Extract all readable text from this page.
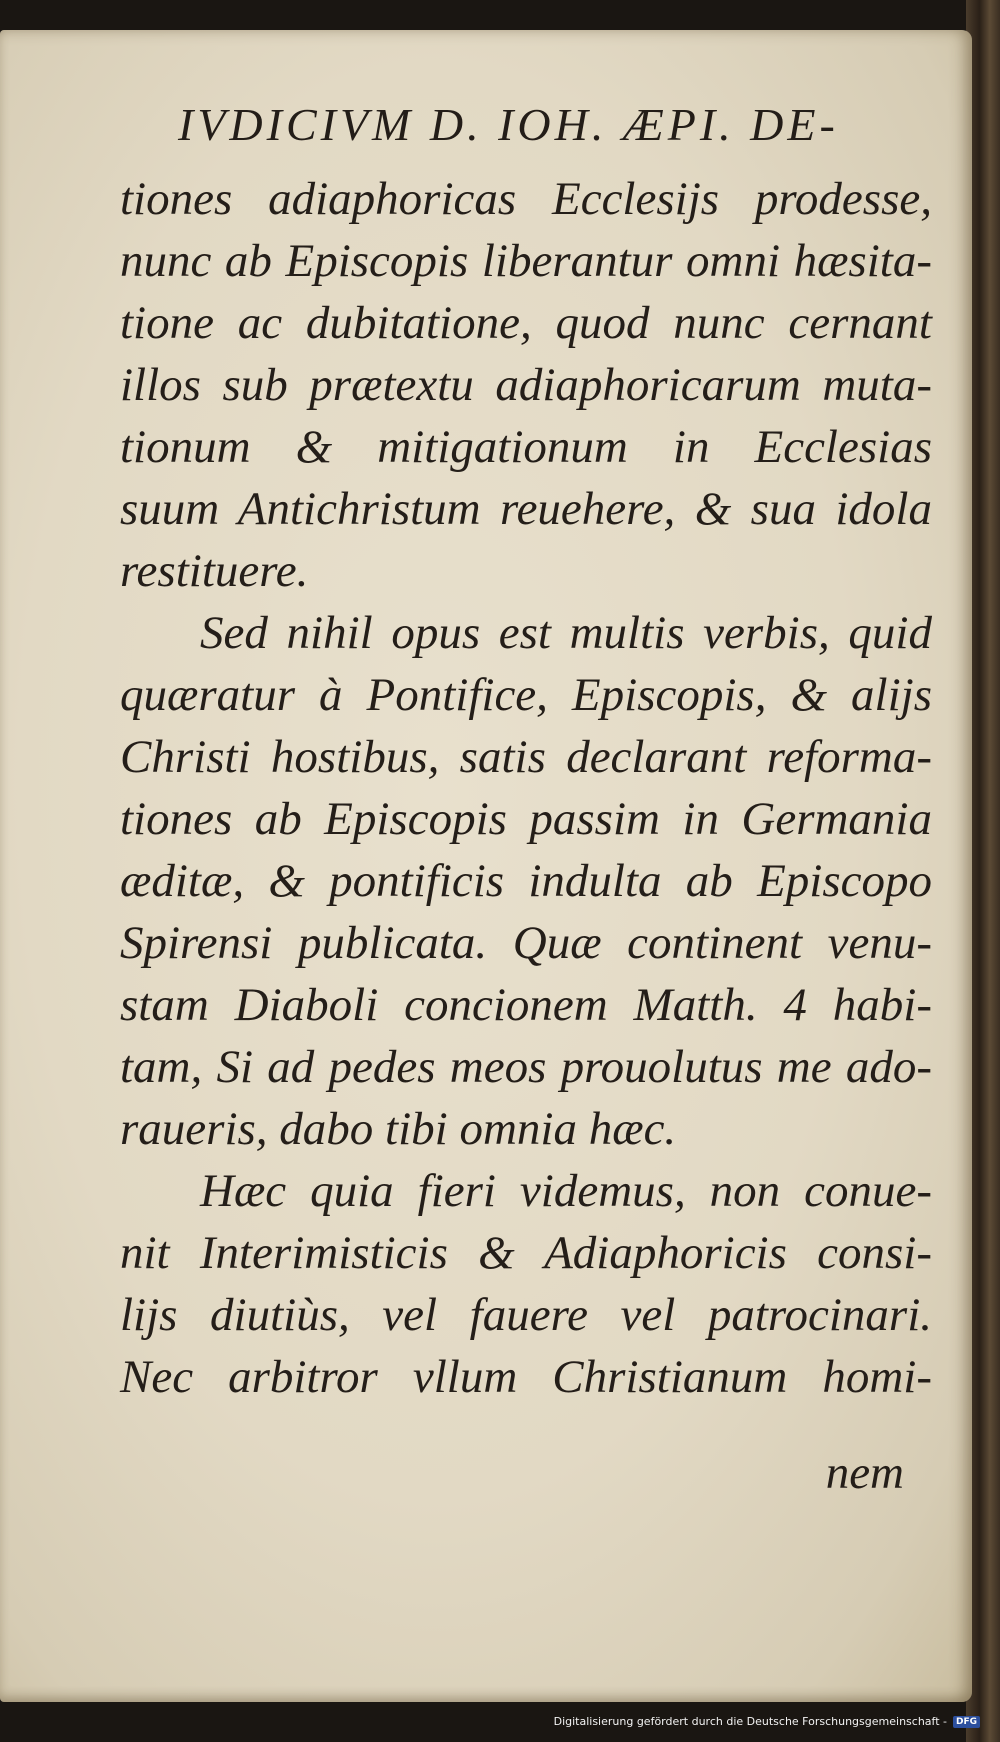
IVDICIVM D. IOH. ÆPI. DE-
tiones adiaphoricas Ecclesijs prodesse,
nunc ab Episcopis liberantur omni hæsita-
tione ac dubitatione, quod nunc cernant
illos sub prætextu adiaphoricarum muta-
tionum & mitigationum in Ecclesias
suum Antichristum reuehere, & sua idola
restituere.
Sed nihil opus est multis verbis, quid
quæratur à Pontifice, Episcopis, & alijs
Christi hostibus, satis declarant reforma-
tiones ab Episcopis passim in Germania
æditæ, & pontificis indulta ab Episcopo
Spirensi publicata. Quæ continent venu-
stam Diaboli concionem Matth. 4 habi-
tam, Si ad pedes meos prouolutus me ado-
raueris, dabo tibi omnia hæc.
Hæc quia fieri videmus, non conue-
nit Interimisticis & Adiaphoricis consi-
lijs diutiùs, vel fauere vel patrocinari.
Nec arbitror vllum Christianum homi-

nem

Digitalisierung gefördert durch die Deutsche Forschungsgemeinschaft -	DFG
